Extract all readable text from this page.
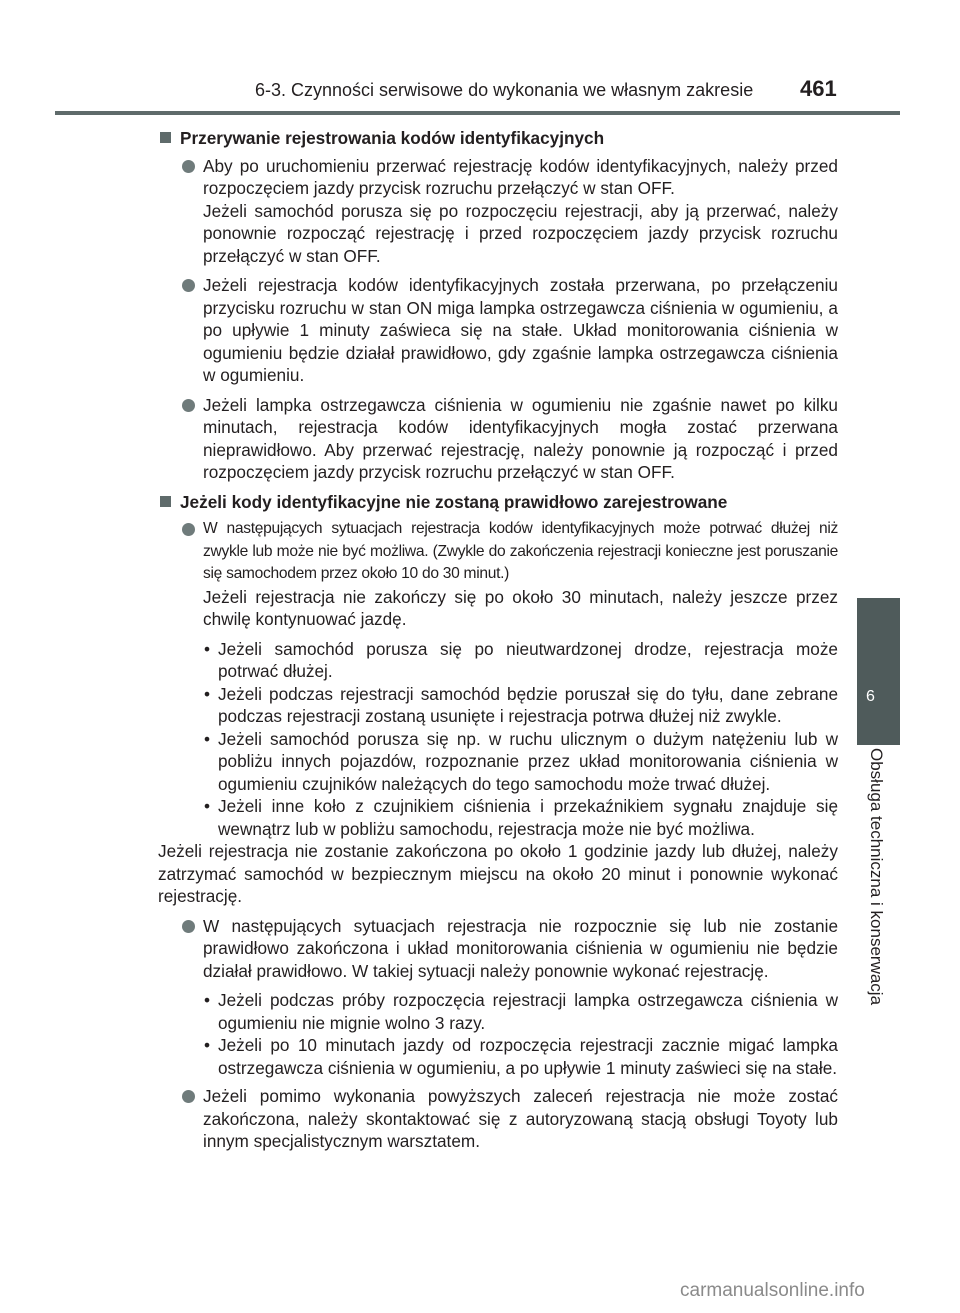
6-3. Czynności serwisowe do wykonania we własnym zakresie 461
6
Obsługa techniczna i konserwacja
Przerywanie rejestrowania kodów identyfikacyjnych

Aby po uruchomieniu przerwać rejestrację kodów identyfikacyjnych, należy przed rozpoczęciem jazdy przycisk rozruchu przełączyć w stan OFF.

Jeżeli samochód porusza się po rozpoczęciu rejestracji, aby ją przerwać, należy ponownie rozpocząć rejestrację i przed rozpoczęciem jazdy przycisk rozruchu przełączyć w stan OFF.

Jeżeli rejestracja kodów identyfikacyjnych została przerwana, po przełączeniu przycisku rozruchu w stan ON miga lampka ostrzegawcza ciśnienia w ogumieniu, a po upływie 1 minuty zaświeca się na stałe. Układ monitorowania ciśnienia w ogumieniu będzie działał prawidłowo, gdy zgaśnie lampka ostrzegawcza ciśnienia w ogumieniu.

Jeżeli lampka ostrzegawcza ciśnienia w ogumieniu nie zgaśnie nawet po kilku minutach, rejestracja kodów identyfikacyjnych mogła zostać przerwana nieprawidłowo. Aby przerwać rejestrację, należy ponownie ją rozpocząć i przed rozpoczęciem jazdy przycisk rozruchu przełączyć w stan OFF.

Jeżeli kody identyfikacyjne nie zostaną prawidłowo zarejestrowane

W następujących sytuacjach rejestracja kodów identyfikacyjnych może potrwać dłużej niż zwykle lub może nie być możliwa. (Zwykle do zakończenia rejestracji konieczne jest poruszanie się samochodem przez około 10 do 30 minut.)

Jeżeli rejestracja nie zakończy się po około 30 minutach, należy jeszcze przez chwilę kontynuować jazdę.

• Jeżeli samochód porusza się po nieutwardzonej drodze, rejestracja może potrwać dłużej.
• Jeżeli podczas rejestracji samochód będzie poruszał się do tyłu, dane zebrane podczas rejestracji zostaną usunięte i rejestracja potrwa dłużej niż zwykle.
• Jeżeli samochód porusza się np. w ruchu ulicznym o dużym natężeniu lub w pobliżu innych pojazdów, rozpoznanie przez układ monitorowania ciśnienia w ogumieniu czujników należących do tego samochodu może trwać dłużej.
• Jeżeli inne koło z czujnikiem ciśnienia i przekaźnikiem sygnału znajduje się wewnątrz lub w pobliżu samochodu, rejestracja może nie być możliwa.

Jeżeli rejestracja nie zostanie zakończona po około 1 godzinie jazdy lub dłużej, należy zatrzymać samochód w bezpiecznym miejscu na około 20 minut i ponownie wykonać rejestrację.

W następujących sytuacjach rejestracja nie rozpocznie się lub nie zostanie prawidłowo zakończona i układ monitorowania ciśnienia w ogumieniu nie będzie działał prawidłowo. W takiej sytuacji należy ponownie wykonać rejestrację.

• Jeżeli podczas próby rozpoczęcia rejestracji lampka ostrzegawcza ciśnienia w ogumieniu nie mignie wolno 3 razy.
• Jeżeli po 10 minutach jazdy od rozpoczęcia rejestracji zacznie migać lampka ostrzegawcza ciśnienia w ogumieniu, a po upływie 1 minuty zaświeci się na stałe.

Jeżeli pomimo wykonania powyższych zaleceń rejestracja nie może zostać zakończona, należy skontaktować się z autoryzowaną stacją obsługi Toyoty lub innym specjalistycznym warsztatem.

carmanualsonline.info
